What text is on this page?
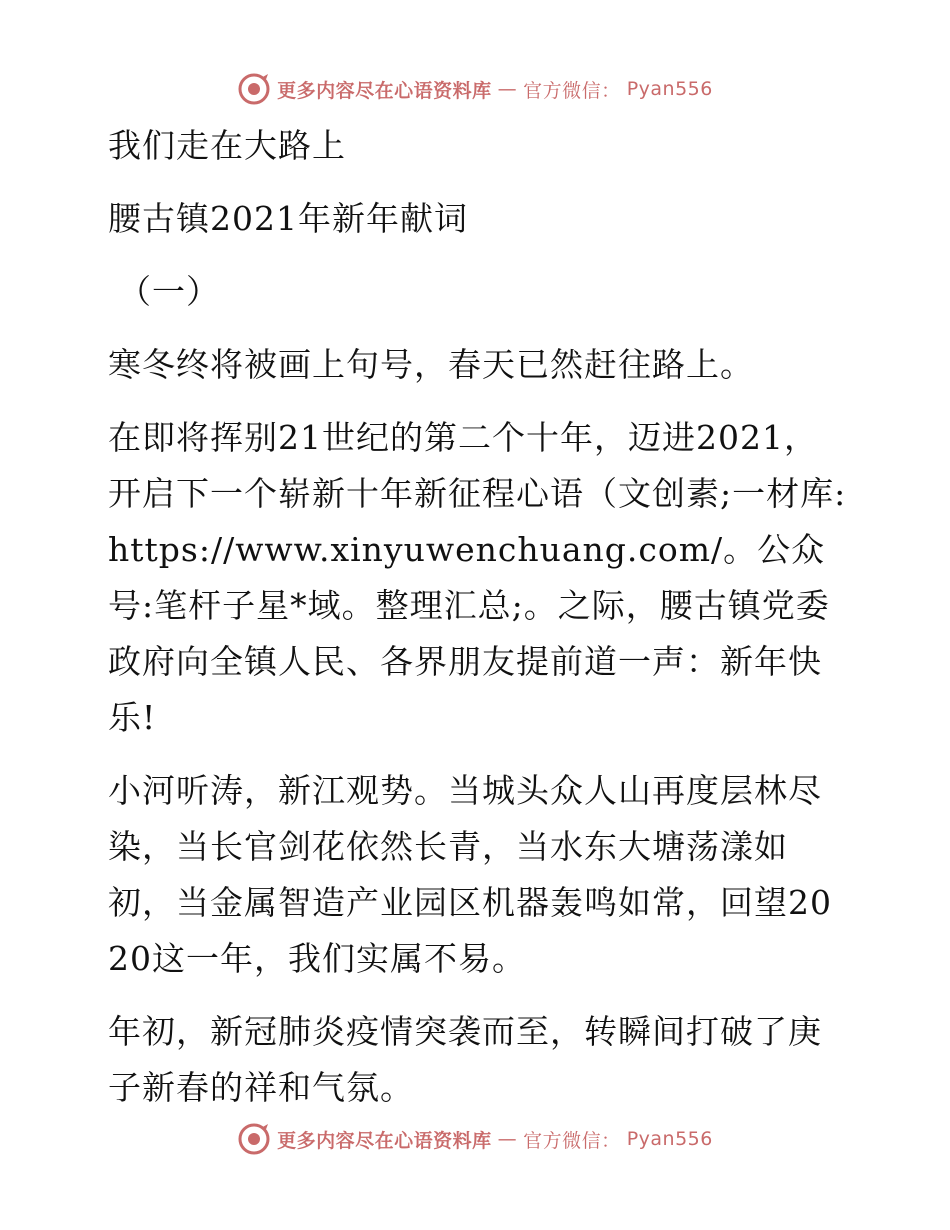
更多内容尽在心语资料库 — 官方微信： Pyan556

我们走在大路上

腰古镇2021年新年献词

（一）

寒冬终将被画上句号，春天已然赶往路上。

在即将挥别21世纪的第二个十年，迈进2021，开启下一个崭新十年新征程心语（文创素;一材库:https://www.xinyuwenchuang.com/。公众号:笔杆子星*域。整理汇总;。之际，腰古镇党委政府向全镇人民、各界朋友提前道一声：新年快乐!

小河听涛，新江观势。当城头众人山再度层林尽染，当长官剑花依然长青，当水东大塘荡漾如初，当金属智造产业园区机器轰鸣如常，回望2020这一年，我们实属不易。

年初，新冠肺炎疫情突袭而至，转瞬间打破了庚子新春的祥和气氛。

更多内容尽在心语资料库 — 官方微信： Pyan556
